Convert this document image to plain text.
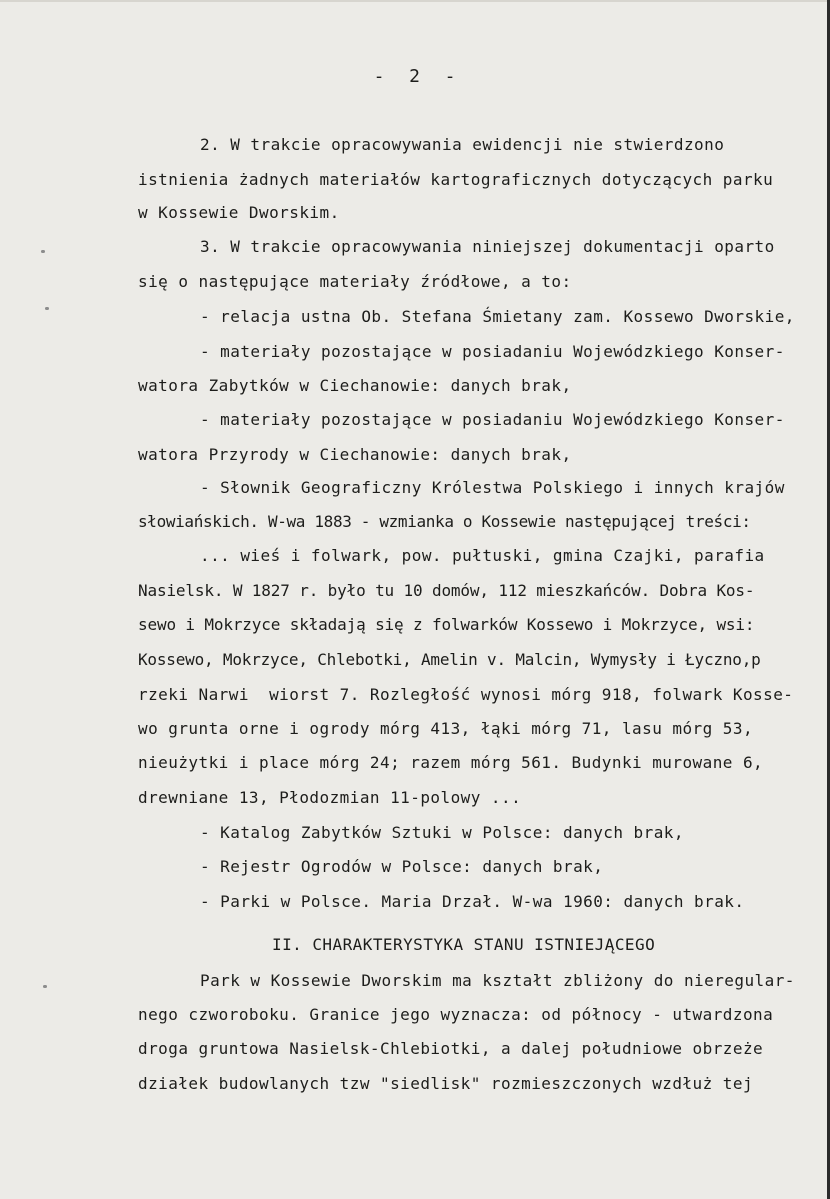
-  2  -
2. W trakcie opracowywania ewidencji nie stwierdzono
istnienia żadnych materiałów kartograficznych dotyczących parku
w Kossewie Dworskim.
3. W trakcie opracowywania niniejszej dokumentacji oparto
się o następujące materiały źródłowe, a to:
- relacja ustna Ob. Stefana Śmietany zam. Kossewo Dworskie,
- materiały pozostające w posiadaniu Wojewódzkiego Konser-
watora Zabytków w Ciechanowie: danych brak,
- materiały pozostające w posiadaniu Wojewódzkiego Konser-
watora Przyrody w Ciechanowie: danych brak,
- Słownik Geograficzny Królestwa Polskiego i innych krajów
słowiańskich. W-wa 1883 - wzmianka o Kossewie następującej treści:
... wieś i folwark, pow. pułtuski, gmina Czajki, parafia
Nasielsk. W 1827 r. było tu 10 domów, 112 mieszkańców. Dobra Kos-
sewo i Mokrzyce składają się z folwarków Kossewo i Mokrzyce, wsi:
Kossewo, Mokrzyce, Chlebotki, Amelin v. Malcin, Wymysły i Łyczno,p
rzeki Narwi  wiorst 7. Rozległość wynosi mórg 918, folwark Kosse-
wo grunta orne i ogrody mórg 413, łąki mórg 71, lasu mórg 53,
nieużytki i place mórg 24; razem mórg 561. Budynki murowane 6,
drewniane 13, Płodozmian 11-polowy ...
- Katalog Zabytków Sztuki w Polsce: danych brak,
- Rejestr Ogrodów w Polsce: danych brak,
- Parki w Polsce. Maria Drzał. W-wa 1960: danych brak.
II. CHARAKTERYSTYKA STANU ISTNIEJĄCEGO
Park w Kossewie Dworskim ma kształt zbliżony do nieregular-
nego czworoboku. Granice jego wyznacza: od północy - utwardzona
droga gruntowa Nasielsk-Chlebiotki, a dalej południowe obrzeże
działek budowlanych tzw "siedlisk" rozmieszczonych wzdłuż tej
